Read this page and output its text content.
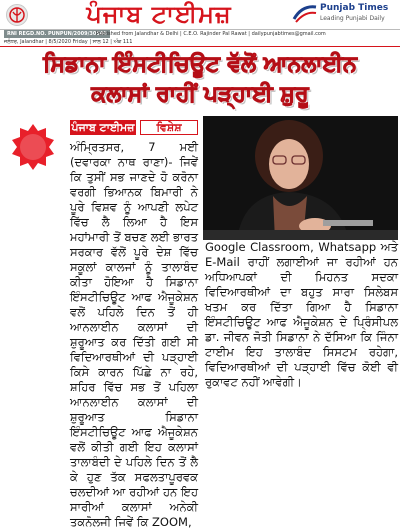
ਪੰਜਾਬ ਟਾਈਮਜ਼	Punjab Times
Leading Punjabi Daily
RNI REGD.NO. PUNPUN/2009/30546
Published from Jalandhar & Delhi | C.E.O. Rajinder Pal Rawat | dailypunjabtimes@gmail.com
ਜਲੰਧਰ, Jalandhar | 8/5/2020 Friday | ਸਾਲ 12 | ਅੰਕ 111
ਸਿਡਾਨਾ ਇੰਸਟੀਚਿਊਟ ਵੱਲੋਂ ਆਨਲਾਈਨ
ਕਲਾਸਾਂ ਰਾਹੀਂ ਪੜ੍ਹਾਈ ਸ਼ੁਰੂ
ਪੰਜਾਬ ਟਾਈਮਜ਼	ਵਿਸ਼ੇਸ਼
ਅੰਮ੍ਰਿਤਸਰ, 7 ਮਈ (ਦਵਾਰਕਾ ਨਾਥ ਰਾਣਾ)- ਜਿਵੇਂ ਕਿ ਤੁਸੀਂ ਸਭ ਜਾਣਦੇ ਹੋ ਕਰੋਨਾ ਵਰਗੀ ਭਿਆਨਕ ਬਿਮਾਰੀ ਨੇ ਪੂਰੇ ਵਿਸ਼ਵ ਨੂੰ ਆਪਣੀ ਲਪੇਟ ਵਿੱਚ ਲੈ ਲਿਆ ਹੈ ਇਸ ਮਹਾਂਮਾਰੀ ਤੋਂ ਬਚਣ ਲਈ ਭਾਰਤ ਸਰਕਾਰ ਵੱਲੋਂ ਪੂਰੇ ਦੇਸ਼ ਵਿੱਚ ਸਕੂਲਾਂ ਕਾਲਜਾਂ ਨੂੰ ਤਾਲਾਬੰਦ ਕੀਤਾ ਹੋਇਆ ਹੈ ਸਿਡਾਨਾ ਇੰਸਟੀਚਿਊਟ ਆਫ ਐਜੂਕੇਸ਼ਨ ਵਲੋਂ ਪਹਿਲੇ ਦਿਨ ਤੋਂ ਹੀ ਆਨਲਾਈਨ ਕਲਾਸਾਂ ਦੀ ਸ਼ੁਰੂਆਤ ਕਰ ਦਿੱਤੀ ਗਈ ਸੀ ਵਿਦਿਆਰਥੀਆਂ ਦੀ ਪੜ੍ਹਾਈ ਕਿਸੇ ਕਾਰਨ ਪਿੱਛੇ ਨਾ ਰਹੇ, ਸ਼ਹਿਰ ਵਿੱਚ ਸਭ ਤੋਂ ਪਹਿਲਾ ਆਨਲਾਈਨ ਕਲਾਸਾਂ ਦੀ ਸ਼ੁਰੂਆਤ ਸਿਡਾਨਾ ਇੰਸਟੀਚਿਊਟ ਆਫ ਐਜੂਕੇਸ਼ਨ ਵਲੋਂ ਕੀਤੀ ਗਈ ਇਹ ਕਲਾਸਾਂ ਤਾਲਾਬੰਦੀ ਦੇ ਪਹਿਲੇ ਦਿਨ ਤੋਂ ਲੈ ਕੇ ਹੁਣ ਤੱਕ ਸਫਲਤਾਪੂਰਵਕ ਚਲਦੀਆਂ ਆ ਰਹੀਆਂ ਹਨ ਇਹ ਸਾਰੀਆਂ ਕਲਾਸਾਂ ਅਨੇਕੀ ਤਕਨੋਲਜੀ ਜਿਵੇਂ ਕਿ ZOOM,
Google Classroom, Whatsapp ਅਤੇ E-Mail ਰਾਹੀਂ ਲਗਾਈਆਂ ਜਾ ਰਹੀਆਂ ਹਨ ਅਧਿਆਪਕਾਂ ਦੀ ਮਿਹਨਤ ਸਦਕਾ ਵਿਦਿਆਰਥੀਆਂ ਦਾ ਬਹੁਤ ਸਾਰਾ ਸਿਲੇਬਸ ਖਤਮ ਕਰ ਦਿੱਤਾ ਗਿਆ ਹੈ ਸਿਡਾਨਾ ਇੰਸਟੀਚਿਊਟ ਆਫ ਐਜੂਕੇਸ਼ਨ ਦੇ ਪ੍ਰਿੰਸੀਪਲ ਡਾ. ਜੀਵਨ ਜੋਤੀ ਸਿਡਾਨਾ ਨੇ ਦੱਸਿਆ ਕਿ ਜਿੰਨਾ ਟਾਈਮ ਇਹ ਤਾਲਾਬੰਦ ਸਿਸਟਮ ਰਹੇਗਾ, ਵਿਦਿਆਰਥੀਆਂ ਦੀ ਪੜ੍ਹਾਈ ਵਿੱਚ ਕੋਈ ਵੀ ਰੁਕਾਵਟ ਨਹੀਂ ਆਵੇਗੀ।
